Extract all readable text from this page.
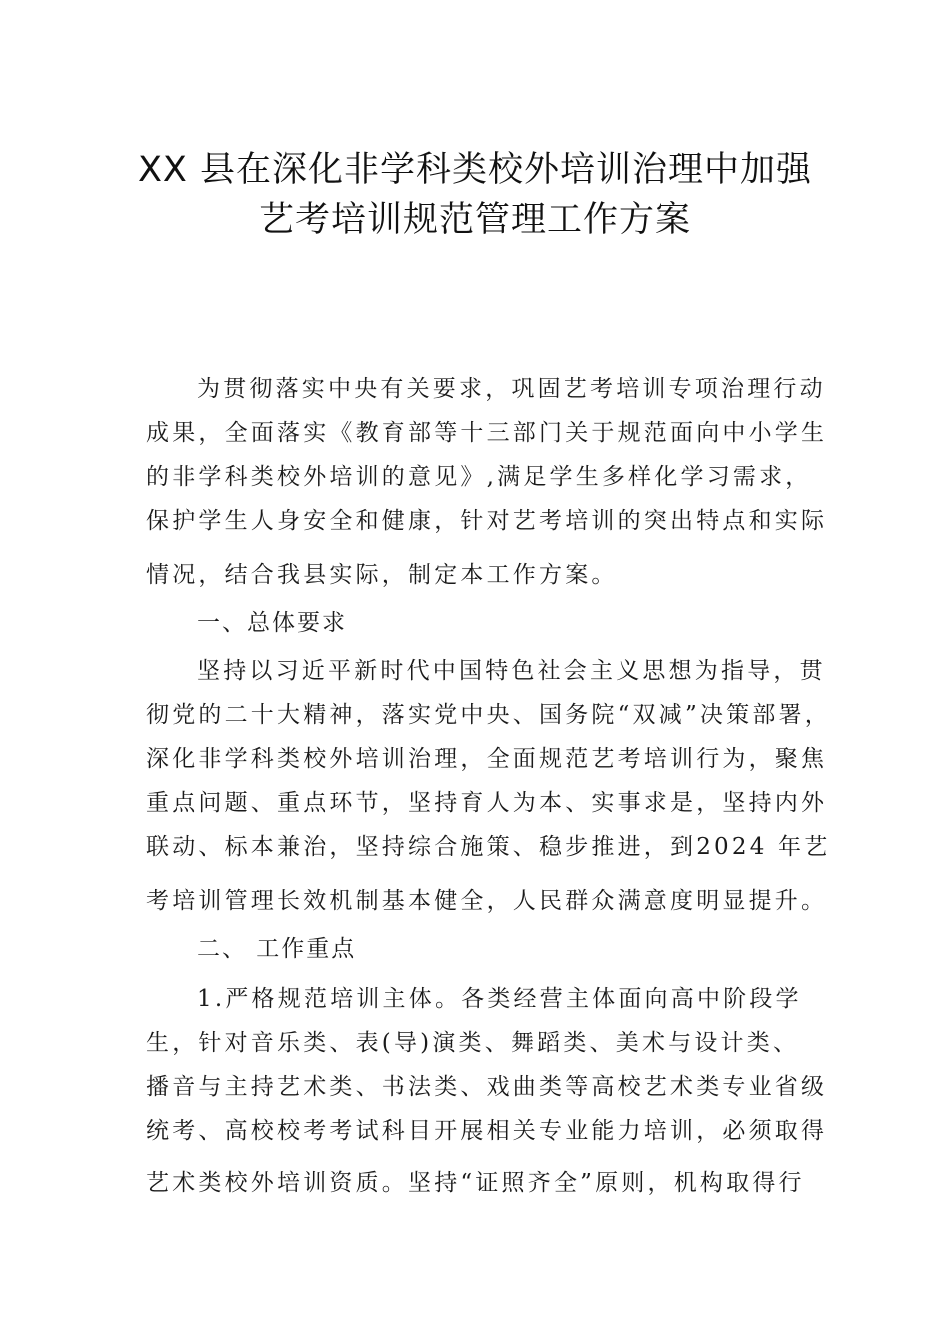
XX 县在深化非学科类校外培训治理中加强
艺考培训规范管理工作方案

为贯彻落实中央有关要求，巩固艺考培训专项治理行动

成果，全面落实《教育部等十三部门关于规范面向中小学生

的非学科类校外培训的意见》,满足学生多样化学习需求，

保护学生人身安全和健康，针对艺考培训的突出特点和实际

情况，结合我县实际，制定本工作方案。

一、总体要求

坚持以习近平新时代中国特色社会主义思想为指导，贯

彻党的二十大精神，落实党中央、国务院“双减”决策部署，

深化非学科类校外培训治理，全面规范艺考培训行为，聚焦

重点问题、重点环节，坚持育人为本、实事求是，坚持内外

联动、标本兼治，坚持综合施策、稳步推进，到2024 年艺

考培训管理长效机制基本健全，人民群众满意度明显提升。

二、 工作重点

1.严格规范培训主体。各类经营主体面向高中阶段学

生，针对音乐类、表(导)演类、舞蹈类、美术与设计类、

播音与主持艺术类、书法类、戏曲类等高校艺术类专业省级

统考、高校校考考试科目开展相关专业能力培训，必须取得

艺术类校外培训资质。坚持“证照齐全”原则，机构取得行
